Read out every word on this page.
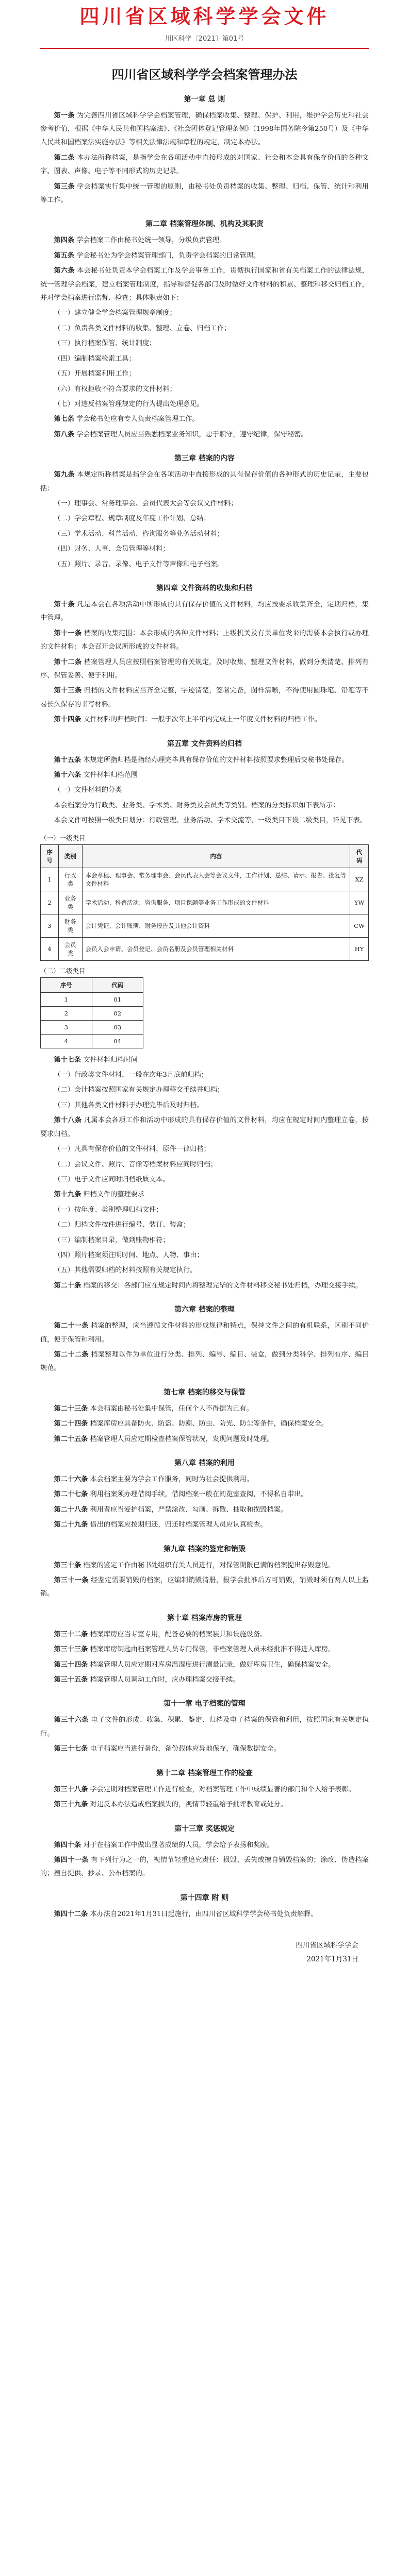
四川省区域科学学会文件
川区科学〔2021〕第01号
四川省区域科学学会档案管理办法
第一章 总 则

第一条 为完善四川省区域科学学会档案管理，确保档案收集、整理、保护、利用，维护学会历史和社会参考价值，根据《中华人民共和国档案法》、《社会团体登记管理条例》（1998年国务院令第250号）及《中华人民共和国档案法实施办法》等相关法律法规和章程的规定，制定本办法。

第二条 本办法所称档案，是指学会在各项活动中直接形成的对国家、社会和本会具有保存价值的各种文字、图表、声像、电子等不同形式的历史记录。

第三条 学会档案实行集中统一管理的原则，由秘书处负责档案的收集、整理、归档、保管、统计和利用等工作。

第二章 档案管理体制、机构及其职责

第四条 学会档案工作由秘书处统一领导，分级负责管理。

第五条 学会秘书处为学会档案管理部门，负责学会档案的日常管理。

第六条 本会秘书处负责本学会档案工作及学会事务工作，贯彻执行国家和省有关档案工作的法律法规，统一管理学会档案，建立档案管理制度，指导和督促各部门及时做好文件材料的积累、整理和移交归档工作，并对学会档案进行监督、检查；具体职责如下：

（一）建立健全学会档案管理规章制度；

（二）负责各类文件材料的收集、整理、立卷、归档工作；

（三）执行档案保管、统计制度；

（四）编制档案检索工具；

（五）开展档案利用工作；

（六）有权拒收不符合要求的文件材料；

（七）对违反档案管理规定的行为提出处理意见。

第七条 学会秘书处应有专人负责档案管理工作。

第八条 学会档案管理人员应当熟悉档案业务知识，忠于职守，遵守纪律，保守秘密。

第三章 档案的内容

第九条 本规定所称档案是指学会在各项活动中直接形成的具有保存价值的各种形式的历史记录，主要包括：

（一）理事会、常务理事会、会员代表大会等会议文件材料；

（二）学会章程、规章制度及年度工作计划、总结；

（三）学术活动、科普活动、咨询服务等业务活动材料；

（四）财务、人事、会员管理等材料；

（五）照片、录音、录像、电子文件等声像和电子档案。

第四章 文件资料的收集和归档

第十条 凡是本会在各项活动中所形成的具有保存价值的文件材料，均应按要求收集齐全，定期归档，集中管理。

第十一条 档案的收集范围：本会形成的各种文件材料；上级机关及有关单位发来的需要本会执行或办理的文件材料；本会召开会议所形成的文件材料。

第十二条 档案管理人员应按照档案管理的有关规定，及时收集、整理文件材料，做到分类清楚、排列有序、保管妥善、便于利用。

第十三条 归档的文件材料应当齐全完整，字迹清楚，签署完备，图样清晰，不得使用圆珠笔、铅笔等不易长久保存的书写材料。

第十四条 文件材料的归档时间：一般于次年上半年内完成上一年度文件材料的归档工作。

第五章 文件资料的归档

第十五条 本规定所指归档是指经办理完毕具有保存价值的文件材料按照要求整理后交秘书处保存。

第十六条 文件材料归档范围

（一）文件材料的分类

本会档案分为行政类、业务类、学术类、财务类及会员类等类别。档案的分类标识如下表所示：

本会文件可按照一级类目划分：行政管理、业务活动、学术交流等，一级类目下设二级类目，详见下表。

（一）一级类目
序号	类别	内容	代码
1	行政类	本会章程、理事会、常务理事会、会员代表大会等会议文件，工作计划、总结、请示、报告、批复等文件材料	XZ
2	业务类	学术活动、科普活动、咨询服务、项目课题等业务工作形成的文件材料	YW
3	财务类	会计凭证、会计账簿、财务报告及其他会计资料	CW
4	会员类	会员入会申请、会员登记、会员名册及会员管理相关材料	HY
（二）二级类目
序号	代码
1	01
2	02
3	03
4	04

第十七条 文件材料归档时间

（一）行政类文件材料，一般在次年3月底前归档；

（二）会计档案按照国家有关规定办理移交手续并归档；

（三）其他各类文件材料于办理完毕后及时归档。

第十八条 凡属本会各项工作和活动中形成的具有保存价值的文件材料，均应在规定时间内整理立卷，按要求归档。

（一）凡具有保存价值的文件材料，原件一律归档；

（二）会议文件、照片、音像等档案材料应同时归档；

（三）电子文件应同时归档纸质文本。

第十九条 归档文件的整理要求

（一）按年度、类别整理归档文件；

（二）归档文件按件进行编号、装订、装盒；

（三）编制档案目录，做到账物相符；

（四）照片档案须注明时间、地点、人物、事由；

（五）其他需要归档的材料按照有关规定执行。

第二十条 档案的移交：各部门应在规定时间内将整理完毕的文件材料移交秘书处归档，办理交接手续。

第六章 档案的整理

第二十一条 档案的整理，应当遵循文件材料的形成规律和特点，保持文件之间的有机联系，区别不同价值，便于保管和利用。

第二十二条 档案整理以件为单位进行分类、排列、编号、编目、装盒，做到分类科学、排列有序、编目规范。

第七章 档案的移交与保管

第二十三条 本会档案由秘书处集中保管，任何个人不得据为己有。

第二十四条 档案库房应具备防火、防盗、防潮、防虫、防光、防尘等条件，确保档案安全。

第二十五条 档案管理人员应定期检查档案保管状况，发现问题及时处理。

第八章 档案的利用

第二十六条 本会档案主要为学会工作服务，同时为社会提供利用。

第二十七条 利用档案须办理借阅手续，借阅档案一般在阅览室查阅，不得私自带出。

第二十八条 利用者应当爱护档案，严禁涂改、勾画、拆散、抽取和损毁档案。

第二十九条 借出的档案应按期归还，归还时档案管理人员应认真检查。

第九章 档案的鉴定和销毁

第三十条 档案的鉴定工作由秘书处组织有关人员进行，对保管期限已满的档案提出存毁意见。

第三十一条 经鉴定需要销毁的档案，应编制销毁清册，报学会批准后方可销毁，销毁时须有两人以上监销。

第十章 档案库房的管理

第三十二条 档案库房应当专室专用，配备必要的档案装具和设施设备。

第三十三条 档案库房钥匙由档案管理人员专门保管，非档案管理人员未经批准不得进入库房。

第三十四条 档案管理人员应定期对库房温湿度进行测量记录，做好库房卫生，确保档案安全。

第三十五条 档案管理人员调动工作时，应办理档案交接手续。

第十一章 电子档案的管理

第三十六条 电子文件的形成、收集、积累、鉴定、归档及电子档案的保管和利用，按照国家有关规定执行。

第三十七条 电子档案应当进行备份，备份载体应异地保存，确保数据安全。

第十二章 档案管理工作的检查

第三十八条 学会定期对档案管理工作进行检查，对档案管理工作中成绩显著的部门和个人给予表彰。

第三十九条 对违反本办法造成档案损失的，视情节轻重给予批评教育或处分。

第十三章 奖惩规定

第四十条 对于在档案工作中做出显著成绩的人员，学会给予表扬和奖励。

第四十一条 有下列行为之一的，视情节轻重追究责任：损毁、丢失或擅自销毁档案的；涂改、伪造档案的；擅自提供、抄录、公布档案的。

第十四章 附 则

第四十二条 本办法自2021年1月31日起施行，由四川省区域科学学会秘书处负责解释。

四川省区域科学学会
2021年1月31日
